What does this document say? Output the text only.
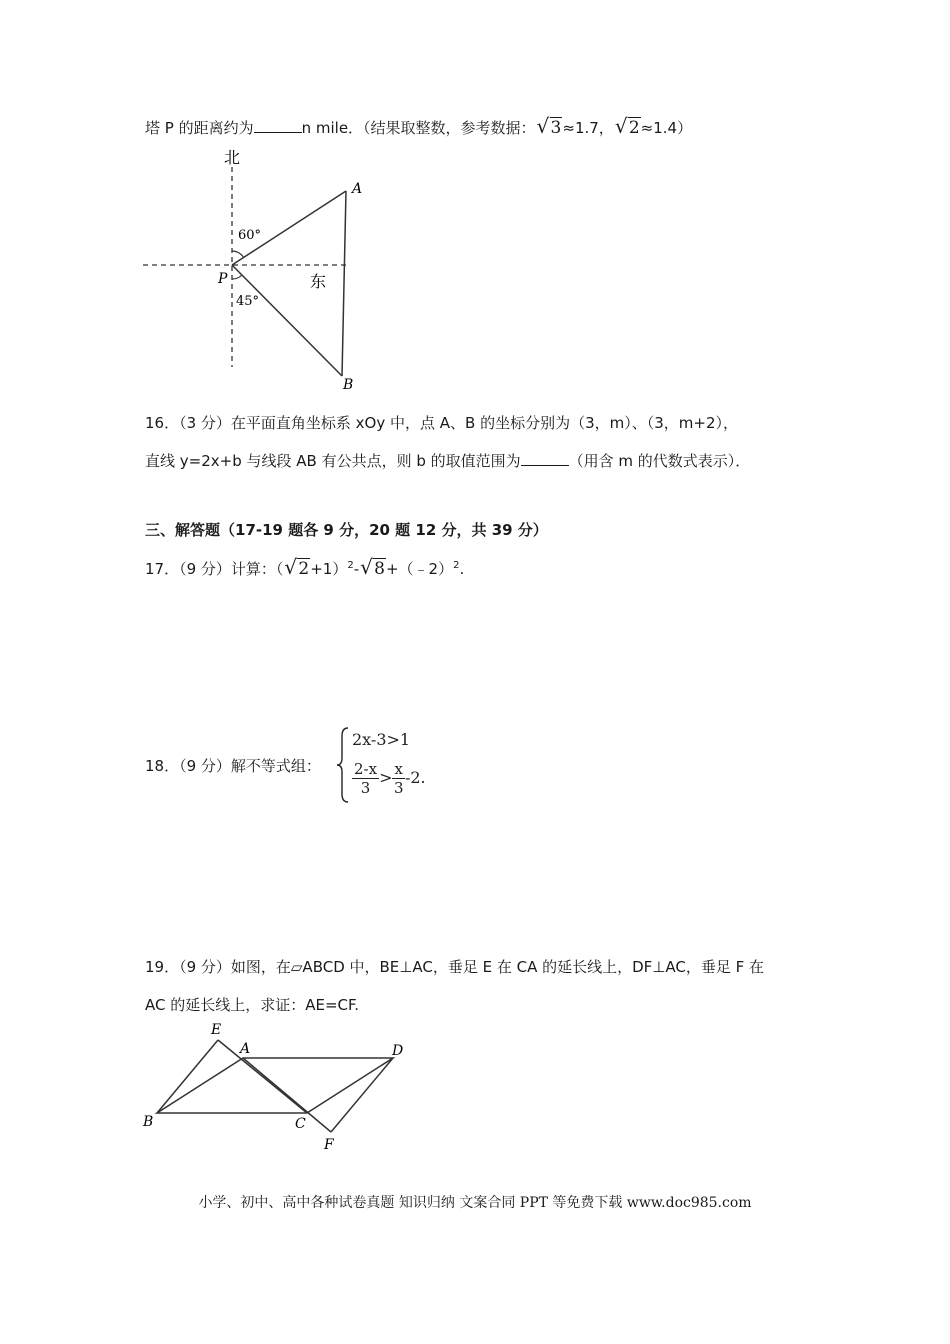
塔 P 的距离约为	n mile．（结果取整数，参考数据： √ 3≈1.7， √ 2≈1.4）
北
东
60°
45°
P
A
B
16．（3 分）在平面直角坐标系 xOy 中，点 A、B 的坐标分别为（3，m）、（3，m+2），
直线 y=2x+b 与线段 AB 有公共点，则 b 的取值范围为	（用含 m 的代数式表示）．
三、解答题（17-19 题各 9 分，20 题 12 分，共 39 分）
17．（9 分）计算：（ √ 2+1）$^2$- √ 8+（﹣2）$^2$.
18．（9 分）解不等式组：
2x-3>1
$\frac{2-x}{3} > \frac{x}{3} -2$.
19．（9 分）如图，在▱ABCD 中，BE⊥AC，垂足 E 在 CA 的延长线上，DF⊥AC，垂足 F 在
AC 的延长线上，求证：AE=CF.
E
A	D
B	C
F
小学、初中、高中各种试卷真题 知识归纳 文案合同 PPT 等免费下载 www.doc985.com
